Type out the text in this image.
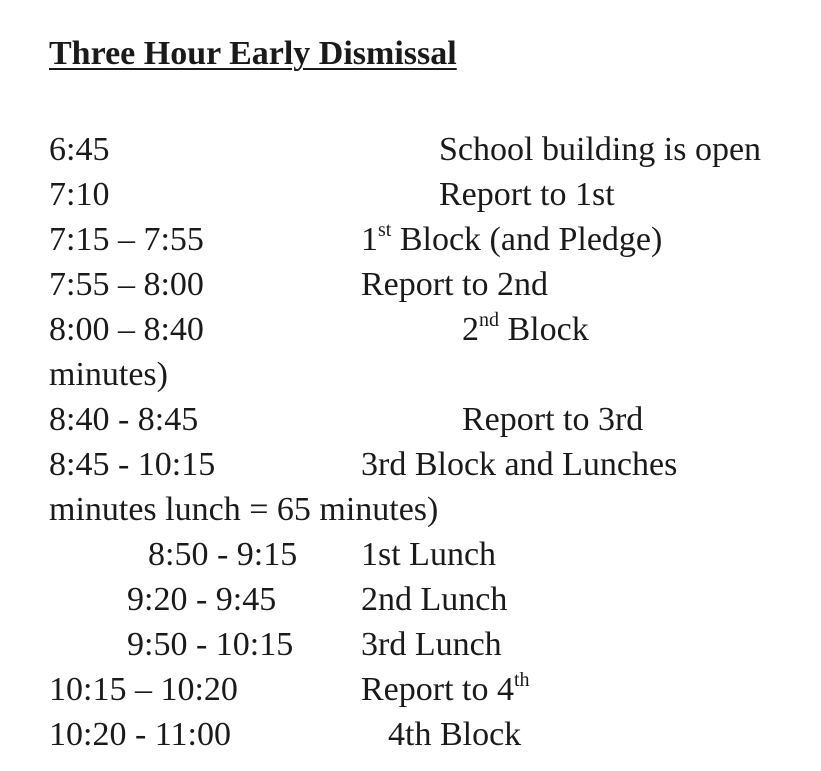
Three Hour Early Dismissal
6:45	School building is open
7:10	Report to 1st
7:15 – 7:55	1st Block (and Pledge)
7:55 – 8:00	Report to 2nd
8:00 – 8:40	2nd Block
minutes)
8:40 - 8:45	Report to 3rd
8:45 - 10:15	3rd Block and Lunches
minutes lunch = 65 minutes)
8:50 - 9:15 1st Lunch
9:20 - 9:45 2nd Lunch
9:50 - 10:15 3rd Lunch
10:15 – 10:20	Report to 4th
10:20 - 11:00	4th Block
